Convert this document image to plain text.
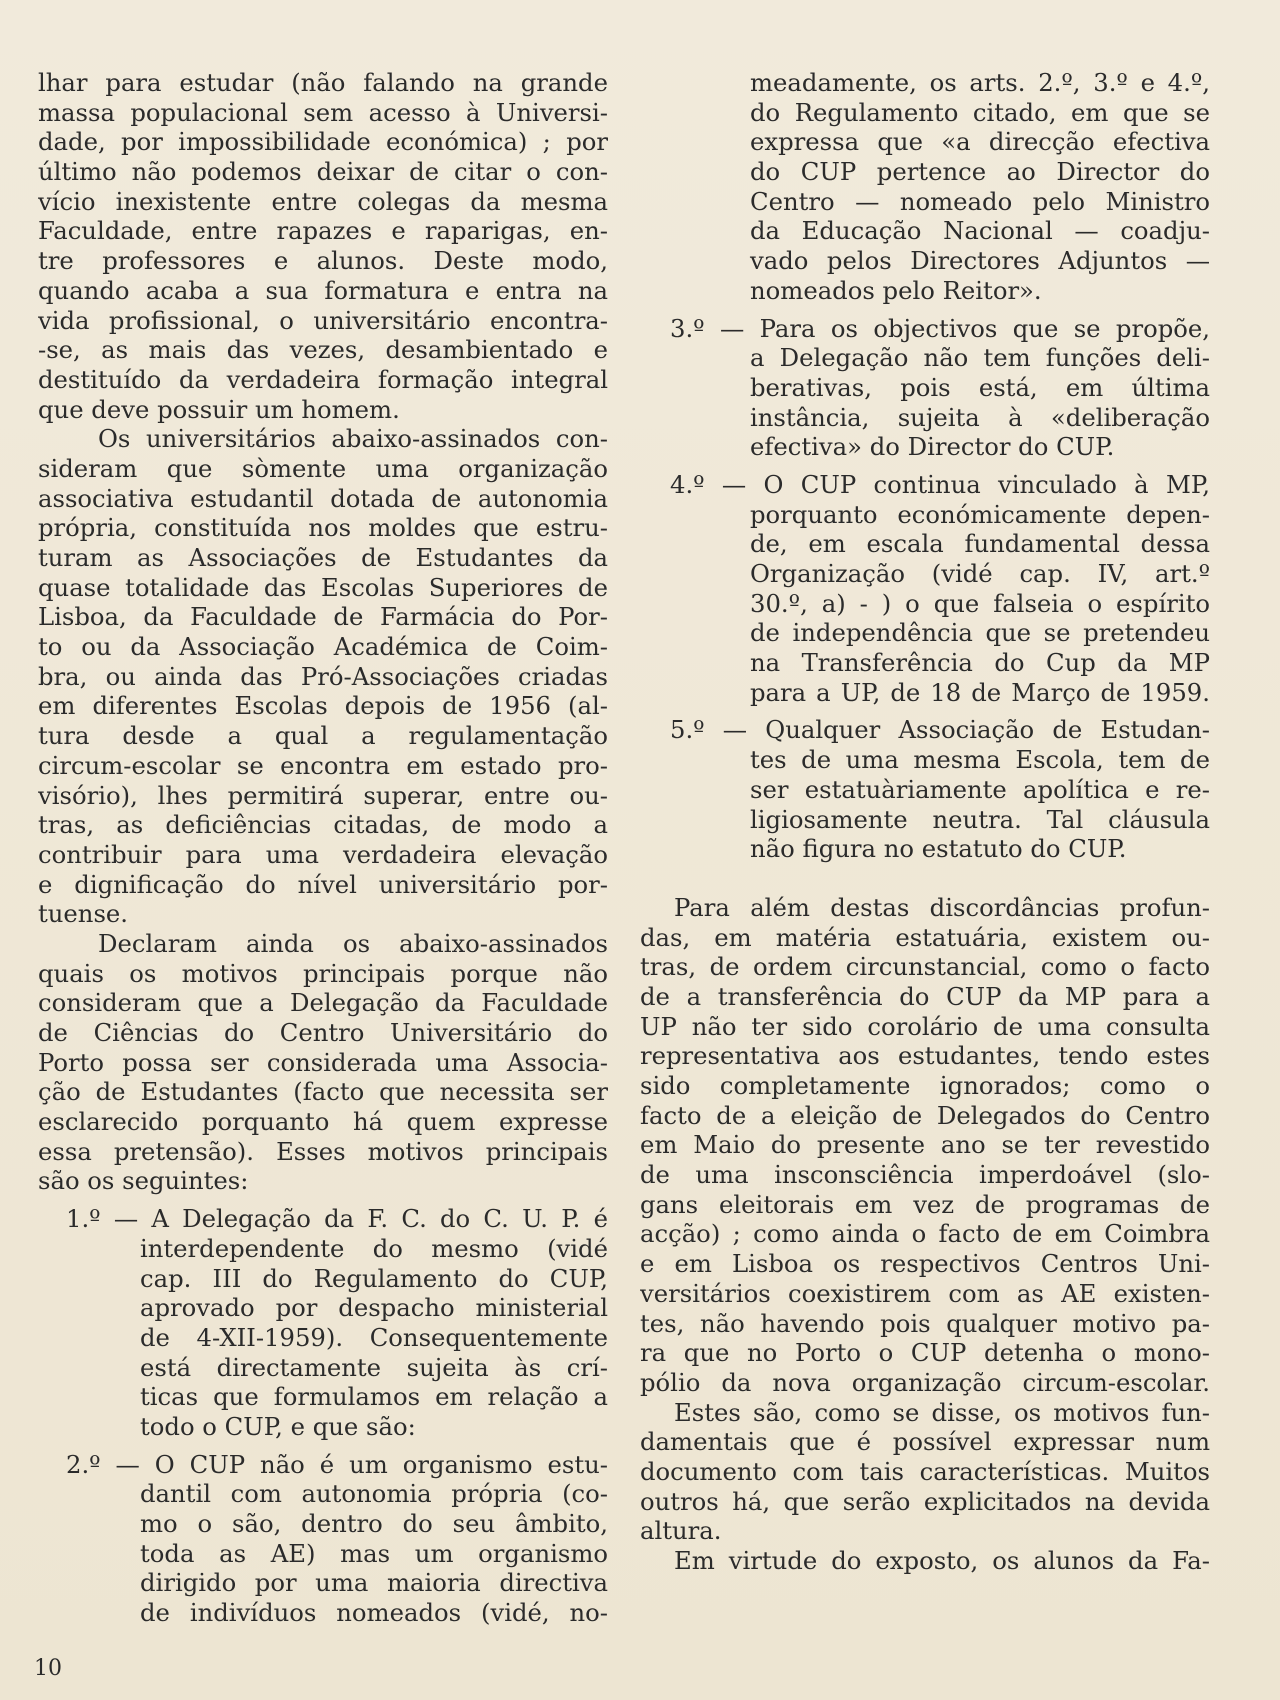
lhar para estudar (não falando na grande
massa populacional sem acesso à Universi-
dade, por impossibilidade económica) ; por
último não podemos deixar de citar o con-
vício inexistente entre colegas da mesma
Faculdade, entre rapazes e raparigas, en-
tre professores e alunos. Deste modo,
quando acaba a sua formatura e entra na
vida profissional, o universitário encontra-
-se, as mais das vezes, desambientado e
destituído da verdadeira formação integral
que deve possuir um homem.
Os universitários abaixo-assinados con-
sideram que sòmente uma organização
associativa estudantil dotada de autonomia
própria, constituída nos moldes que estru-
turam as Associações de Estudantes da
quase totalidade das Escolas Superiores de
Lisboa, da Faculdade de Farmácia do Por-
to ou da Associação Académica de Coim-
bra, ou ainda das Pró-Associações criadas
em diferentes Escolas depois de 1956 (al-
tura desde a qual a regulamentação
circum-escolar se encontra em estado pro-
visório), lhes permitirá superar, entre ou-
tras, as deficiências citadas, de modo a
contribuir para uma verdadeira elevação
e dignificação do nível universitário por-
tuense.
Declaram ainda os abaixo-assinados
quais os motivos principais porque não
consideram que a Delegação da Faculdade
de Ciências do Centro Universitário do
Porto possa ser considerada uma Associa-
ção de Estudantes (facto que necessita ser
esclarecido porquanto há quem expresse
essa pretensão). Esses motivos principais
são os seguintes:
1.º — A Delegação da F. C. do C. U. P. é
interdependente do mesmo (vidé
cap. III do Regulamento do CUP,
aprovado por despacho ministerial
de 4-XII-1959). Consequentemente
está directamente sujeita às crí-
ticas que formulamos em relação a
todo o CUP, e que são:
2.º — O CUP não é um organismo estu-
dantil com autonomia própria (co-
mo o são, dentro do seu âmbito,
toda as AE) mas um organismo
dirigido por uma maioria directiva
de indivíduos nomeados (vidé, no-
meadamente, os arts. 2.º, 3.º e 4.º,
do Regulamento citado, em que se
expressa que «a direcção efectiva
do CUP pertence ao Director do
Centro — nomeado pelo Ministro
da Educação Nacional — coadju-
vado pelos Directores Adjuntos —
nomeados pelo Reitor».
3.º — Para os objectivos que se propõe,
a Delegação não tem funções deli-
berativas, pois está, em última
instância, sujeita à «deliberação
efectiva» do Director do CUP.
4.º — O CUP continua vinculado à MP,
porquanto económicamente depen-
de, em escala fundamental dessa
Organização (vidé cap. IV, art.º
30.º, a) - ) o que falseia o espírito
de independência que se pretendeu
na Transferência do Cup da MP
para a UP, de 18 de Março de 1959.
5.º — Qualquer Associação de Estudan-
tes de uma mesma Escola, tem de
ser estatuàriamente apolítica e re-
ligiosamente neutra. Tal cláusula
não figura no estatuto do CUP.
Para além destas discordâncias profun-
das, em matéria estatuária, existem ou-
tras, de ordem circunstancial, como o facto
de a transferência do CUP da MP para a
UP não ter sido corolário de uma consulta
representativa aos estudantes, tendo estes
sido completamente ignorados; como o
facto de a eleição de Delegados do Centro
em Maio do presente ano se ter revestido
de uma insconsciência imperdoável (slo-
gans eleitorais em vez de programas de
acção) ; como ainda o facto de em Coimbra
e em Lisboa os respectivos Centros Uni-
versitários coexistirem com as AE existen-
tes, não havendo pois qualquer motivo pa-
ra que no Porto o CUP detenha o mono-
pólio da nova organização circum-escolar.
Estes são, como se disse, os motivos fun-
damentais que é possível expressar num
documento com tais características. Muitos
outros há, que serão explicitados na devida
altura.
Em virtude do exposto, os alunos da Fa-
10
